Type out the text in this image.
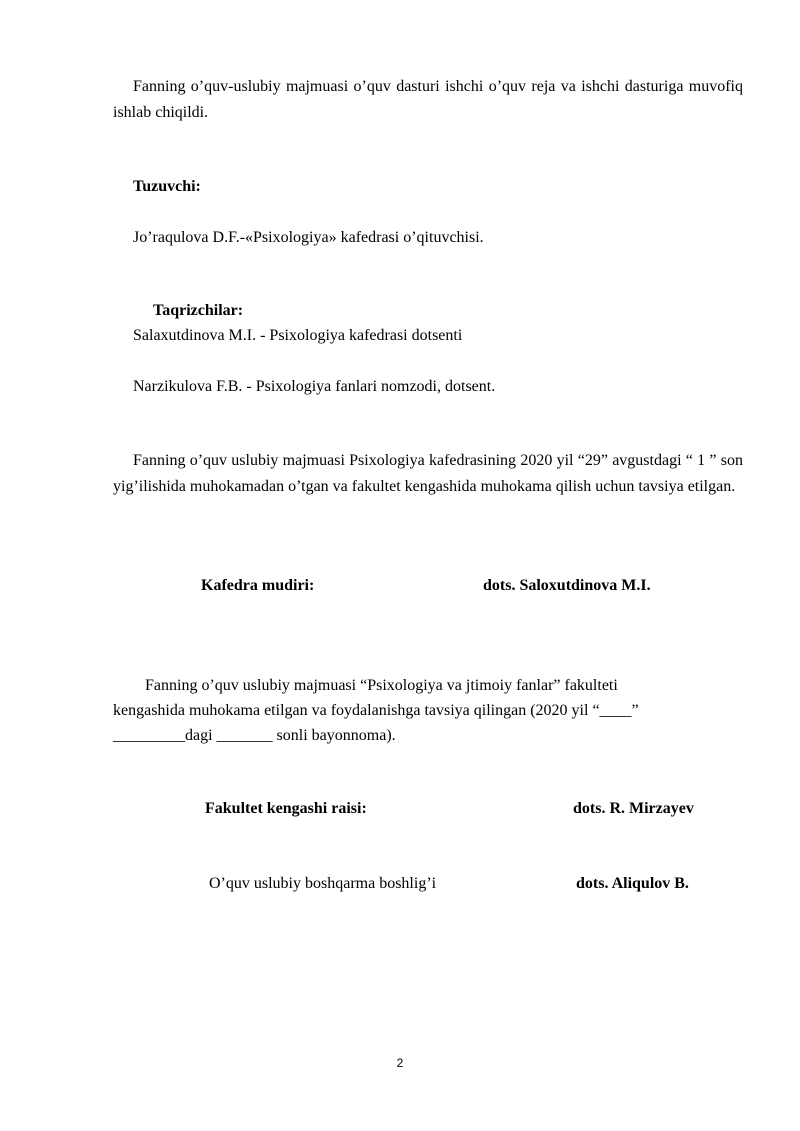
Fanning o’quv-uslubiy majmuasi o’quv dasturi ishchi o’quv reja va ishchi dasturiga muvofiq ishlab chiqildi.

Tuzuvchi:

Jo’raqulova D.F.-«Psixologiya» kafedrasi o’qituvchisi.

Taqrizchilar:

Salaxutdinova M.I. - Psixologiya kafedrasi dotsenti

Narzikulova F.B. - Psixologiya fanlari nomzodi, dotsent.

Fanning o’quv uslubiy majmuasi Psixologiya kafedrasining 2020 yil “29” avgustdagi “ 1 ” son yig’ilishida muhokamadan o’tgan va fakultet kengashida muhokama qilish uchun tavsiya etilgan.

Kafedra mudiri:	dots. Saloxutdinova M.I.

Fanning o’quv uslubiy majmuasi “Psixologiya va jtimoiy fanlar” fakulteti

kengashida muhokama etilgan va foydalanishga tavsiya qilingan (2020 yil “____”

_________dagi _______ sonli bayonnoma).

Fakultet kengashi raisi:	dots. R. Mirzayev

O’quv uslubiy boshqarma boshlig’i	dots. Aliqulov B.

2
